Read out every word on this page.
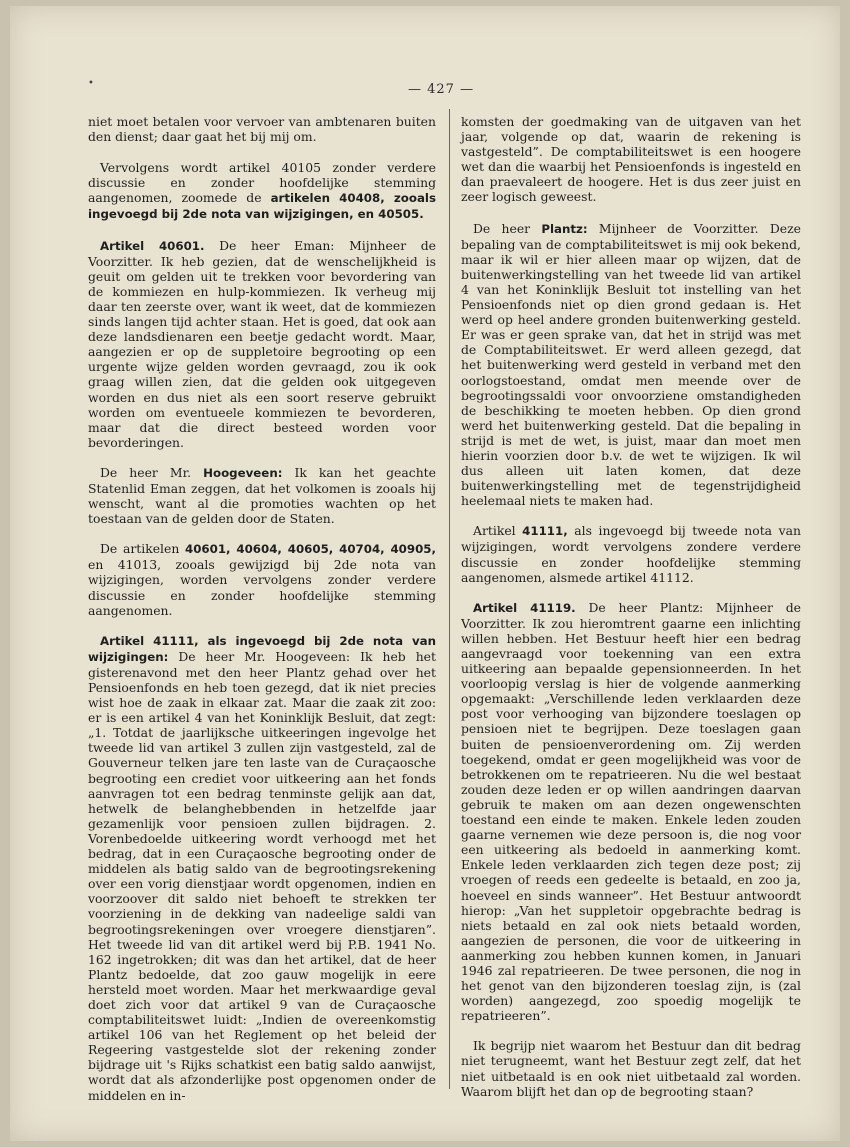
•	— 427 —

niet moet betalen voor vervoer van ambtenaren buiten den dienst; daar gaat het bij mij om.

Vervolgens wordt artikel 40105 zonder verdere discussie en zonder hoofdelijke stemming aangenomen, zoomede de artikelen 40408, zooals ingevoegd bij 2de nota van wijzigingen, en 40505.

Artikel 40601. De heer Eman: Mijnheer de Voorzitter. Ik heb gezien, dat de wenschelijkheid is geuit om gelden uit te trekken voor bevordering van de kommiezen en hulp-kommiezen. Ik verheug mij daar ten zeerste over, want ik weet, dat de kommiezen sinds langen tijd achter staan. Het is goed, dat ook aan deze landsdienaren een beetje gedacht wordt. Maar, aangezien er op de suppletoire begrooting op een urgente wijze gelden worden gevraagd, zou ik ook graag willen zien, dat die gelden ook uitgegeven worden en dus niet als een soort reserve gebruikt worden om eventueele kommiezen te bevorderen, maar dat die direct besteed worden voor bevorderingen.

De heer Mr. Hoogeveen: Ik kan het geachte Statenlid Eman zeggen, dat het volkomen is zooals hij wenscht, want al die promoties wachten op het toestaan van de gelden door de Staten.

De artikelen 40601, 40604, 40605, 40704, 40905, en 41013, zooals gewijzigd bij 2de nota van wijzigingen, worden vervolgens zonder verdere discussie en zonder hoofdelijke stemming aangenomen.

Artikel 41111, als ingevoegd bij 2de nota van wijzigingen: De heer Mr. Hoogeveen: Ik heb het gisterenavond met den heer Plantz gehad over het Pensioenfonds en heb toen gezegd, dat ik niet precies wist hoe de zaak in elkaar zat. Maar die zaak zit zoo: er is een artikel 4 van het Koninklijk Besluit, dat zegt: „1. Totdat de jaarlijksche uitkeeringen ingevolge het tweede lid van artikel 3 zullen zijn vastgesteld, zal de Gouverneur telken jare ten laste van de Curaçaosche begrooting een crediet voor uitkeering aan het fonds aanvragen tot een bedrag tenminste gelijk aan dat, hetwelk de belanghebbenden in hetzelfde jaar gezamenlijk voor pensioen zullen bijdragen. 2. Vorenbedoelde uitkeering wordt verhoogd met het bedrag, dat in een Curaçaosche begrooting onder de middelen als batig saldo van de begrootingsrekening over een vorig dienstjaar wordt opgenomen, indien en voorzoover dit saldo niet behoeft te strekken ter voorziening in de dekking van nadeelige saldi van begrootingsrekeningen over vroegere dienstjaren”. Het tweede lid van dit artikel werd bij P.B. 1941 No. 162 ingetrokken; dit was dan het artikel, dat de heer Plantz bedoelde, dat zoo gauw mogelijk in eere hersteld moet worden. Maar het merkwaardige geval doet zich voor dat artikel 9 van de Curaçaosche comptabiliteitswet luidt: „Indien de overeenkomstig artikel 106 van het Reglement op het beleid der Regeering vastgestelde slot der rekening zonder bijdrage uit 's Rijks schatkist een batig saldo aanwijst, wordt dat als afzonderlijke post opgenomen onder de middelen en in-

komsten der goedmaking van de uitgaven van het jaar, volgende op dat, waarin de rekening is vastgesteld”. De comptabiliteitswet is een hoogere wet dan die waarbij het Pensioenfonds is ingesteld en dan praevaleert de hoogere. Het is dus zeer juist en zeer logisch geweest.

De heer Plantz: Mijnheer de Voorzitter. Deze bepaling van de comptabiliteitswet is mij ook bekend, maar ik wil er hier alleen maar op wijzen, dat de buitenwerkingstelling van het tweede lid van artikel 4 van het Koninklijk Besluit tot instelling van het Pensioenfonds niet op dien grond gedaan is. Het werd op heel andere gronden buitenwerking gesteld. Er was er geen sprake van, dat het in strijd was met de Comptabiliteitswet. Er werd alleen gezegd, dat het buitenwerking werd gesteld in verband met den oorlogstoestand, omdat men meende over de begrootingssaldi voor onvoorziene omstandigheden de beschikking te moeten hebben. Op dien grond werd het buitenwerking gesteld. Dat die bepaling in strijd is met de wet, is juist, maar dan moet men hierin voorzien door b.v. de wet te wijzigen. Ik wil dus alleen uit laten komen, dat deze buitenwerkingstelling met de tegenstrijdigheid heelemaal niets te maken had.

Artikel 41111, als ingevoegd bij tweede nota van wijzigingen, wordt vervolgens zondere verdere discussie en zonder hoofdelijke stemming aangenomen, alsmede artikel 41112.

Artikel 41119. De heer Plantz: Mijnheer de Voorzitter. Ik zou hieromtrent gaarne een inlichting willen hebben. Het Bestuur heeft hier een bedrag aangevraagd voor toekenning van een extra uitkeering aan bepaalde gepensionneerden. In het voorloopig verslag is hier de volgende aanmerking opgemaakt: „Verschillende leden verklaarden deze post voor verhooging van bijzondere toeslagen op pensioen niet te begrijpen. Deze toeslagen gaan buiten de pensioenverordening om. Zij werden toegekend, omdat er geen mogelijkheid was voor de betrokkenen om te repatrieeren. Nu die wel bestaat zouden deze leden er op willen aandringen daarvan gebruik te maken om aan dezen ongewenschten toestand een einde te maken. Enkele leden zouden gaarne vernemen wie deze persoon is, die nog voor een uitkeering als bedoeld in aanmerking komt. Enkele leden verklaarden zich tegen deze post; zij vroegen of reeds een gedeelte is betaald, en zoo ja, hoeveel en sinds wanneer”. Het Bestuur antwoordt hierop: „Van het suppletoir opgebrachte bedrag is niets betaald en zal ook niets betaald worden, aangezien de personen, die voor de uitkeering in aanmerking zou hebben kunnen komen, in Januari 1946 zal repatrieeren. De twee personen, die nog in het genot van den bijzonderen toeslag zijn, is (zal worden) aangezegd, zoo spoedig mogelijk te repatrieeren”.

Ik begrijp niet waarom het Bestuur dan dit bedrag niet terugneemt, want het Bestuur zegt zelf, dat het niet uitbetaald is en ook niet uitbetaald zal worden. Waarom blijft het dan op de begrooting staan?
